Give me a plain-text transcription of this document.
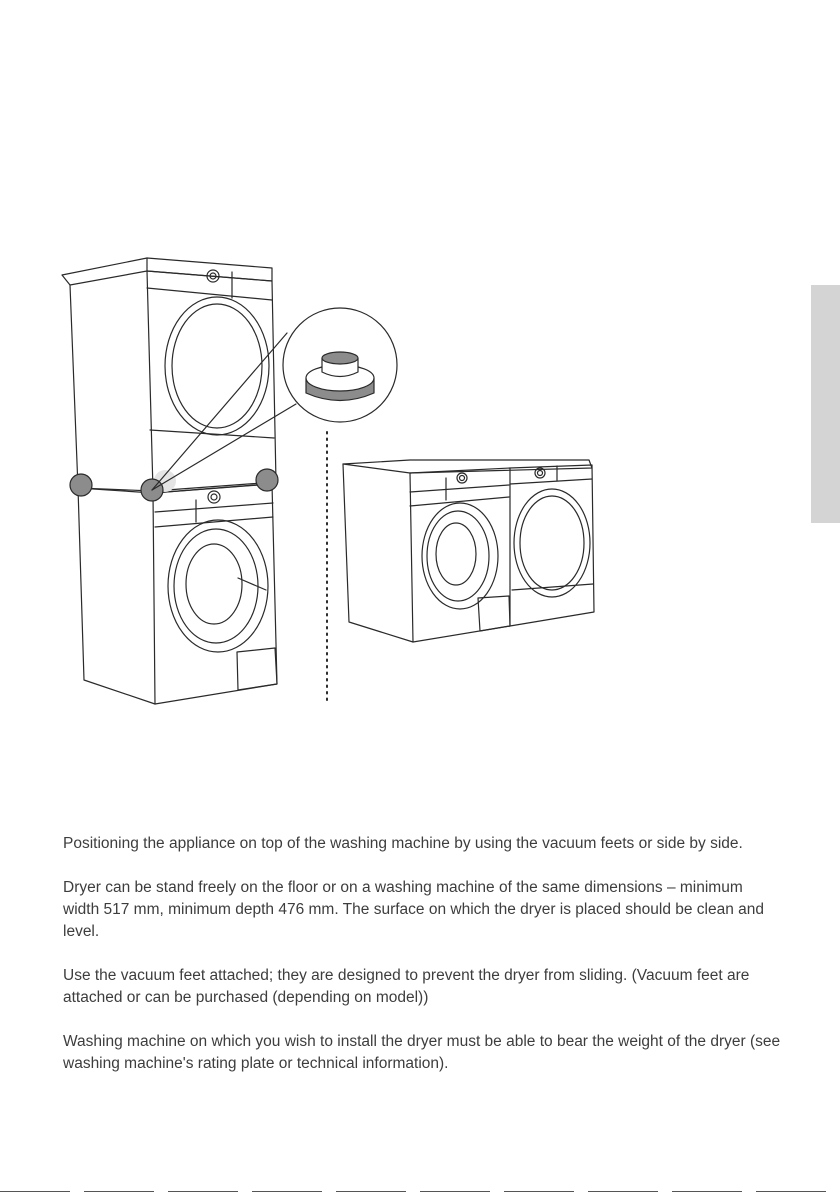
Positioning the appliance on top of the washing machine by using the vacuum feets or side by side.

Dryer can be stand freely on the floor or on a washing machine of the same dimensions – minimum width 517 mm, minimum depth 476 mm. The surface on which the dryer is placed should be clean and level.

Use the vacuum feet attached; they are designed to prevent the dryer from sliding. (Vacuum feet are attached or can be purchased (depending on model))

Washing machine on which you wish to install the dryer must be able to bear the weight of the dryer (see washing machine's rating plate or technical information).
